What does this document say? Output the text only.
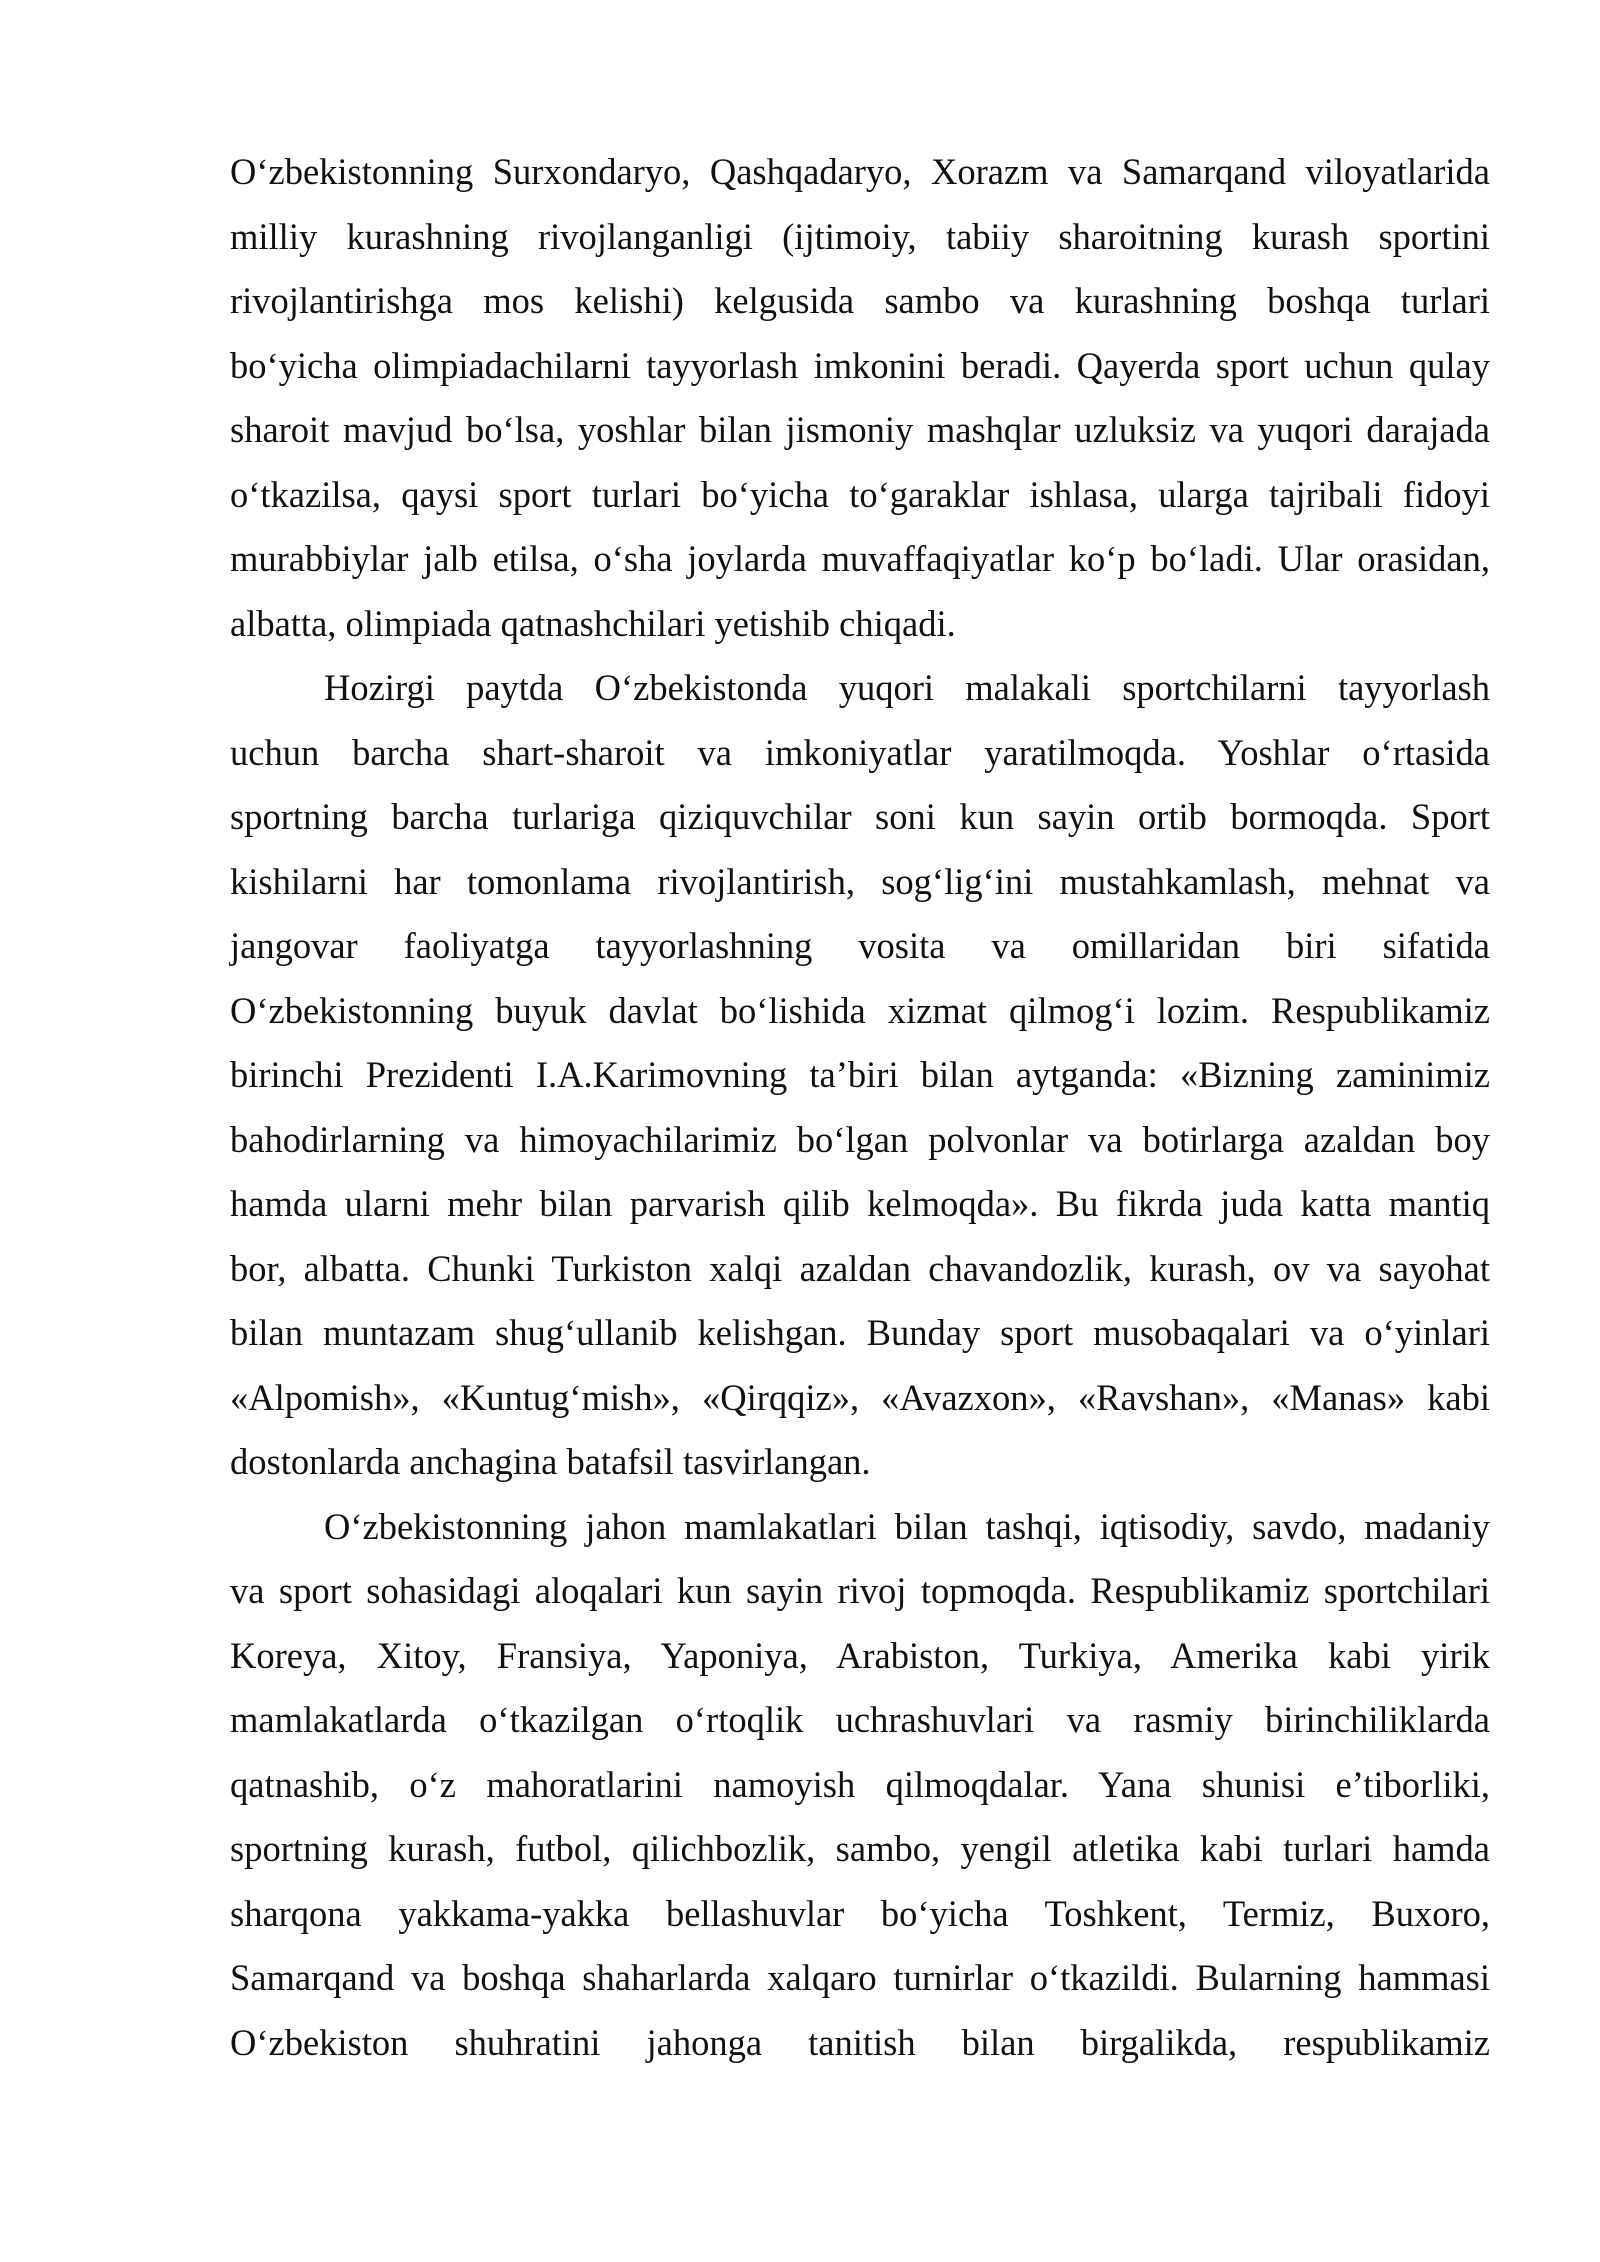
O‘zbekistonning Surxondaryo, Qashqadaryo, Xorazm va Samarqand viloyatlarida
milliy kurashning rivojlanganligi (ijtimoiy, tabiiy sharoitning kurash sportini
rivojlantirishga mos kelishi) kelgusida sambo va kurashning boshqa turlari
bo‘yicha olimpiadachilarni tayyorlash imkonini beradi. Qayerda sport uchun qulay
sharoit mavjud bo‘lsa, yoshlar bilan jismoniy mashqlar uzluksiz va yuqori darajada
o‘tkazilsa, qaysi sport turlari bo‘yicha to‘garaklar ishlasa, ularga tajribali fidoyi
murabbiylar jalb etilsa, o‘sha joylarda muvaffaqiyatlar ko‘p bo‘ladi. Ular orasidan,
albatta, olimpiada qatnashchilari yetishib chiqadi.
Hozirgi paytda O‘zbekistonda yuqori malakali sportchilarni tayyorlash
uchun barcha shart-sharoit va imkoniyatlar yaratilmoqda. Yoshlar o‘rtasida
sportning barcha turlariga qiziquvchilar soni kun sayin ortib bormoqda. Sport
kishilarni har tomonlama rivojlantirish, sog‘lig‘ini mustahkamlash, mehnat va
jangovar faoliyatga tayyorlashning vosita va omillaridan biri sifatida
O‘zbekistonning buyuk davlat bo‘lishida xizmat qilmog‘i lozim. Respublikamiz
birinchi Prezidenti I.A.Karimovning ta’biri bilan aytganda: «Bizning zaminimiz
bahodirlarning va himoyachilarimiz bo‘lgan polvonlar va botirlarga azaldan boy
hamda ularni mehr bilan parvarish qilib kelmoqda». Bu fikrda juda katta mantiq
bor, albatta. Chunki Turkiston xalqi azaldan chavandozlik, kurash, ov va sayohat
bilan muntazam shug‘ullanib kelishgan. Bunday sport musobaqalari va o‘yinlari
«Alpomish», «Kuntug‘mish», «Qirqqiz», «Avazxon», «Ravshan», «Manas» kabi
dostonlarda anchagina batafsil tasvirlangan.
O‘zbekistonning jahon mamlakatlari bilan tashqi, iqtisodiy, savdo, madaniy
va sport sohasidagi aloqalari kun sayin rivoj topmoqda. Respublikamiz sportchilari
Koreya, Xitoy, Fransiya, Yaponiya, Arabiston, Turkiya, Amerika kabi yirik
mamlakatlarda o‘tkazilgan o‘rtoqlik uchrashuvlari va rasmiy birinchiliklarda
qatnashib, o‘z mahoratlarini namoyish qilmoqdalar. Yana shunisi e’tiborliki,
sportning kurash, futbol, qilichbozlik, sambo, yengil atletika kabi turlari hamda
sharqona yakkama-yakka bellashuvlar bo‘yicha Toshkent, Termiz, Buxoro,
Samarqand va boshqa shaharlarda xalqaro turnirlar o‘tkazildi. Bularning hammasi
O‘zbekiston shuhratini jahonga tanitish bilan birgalikda, respublikamiz
